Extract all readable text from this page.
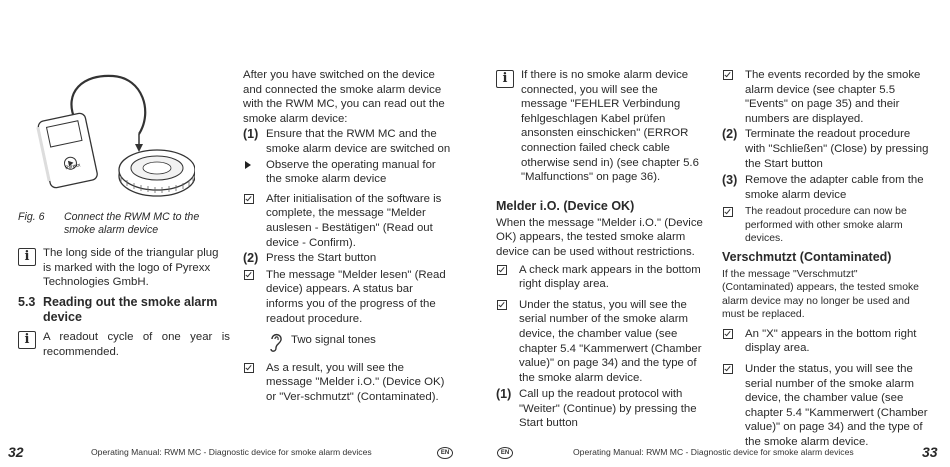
Pyrexx
Fig. 6	Connect the RWM MC to the smoke alarm device
i	The long side of the triangular plug is marked with the logo of Pyrexx Technologies GmbH.

5.3 Reading out the smoke alarm device
i	A readout cycle of one year is recommended.

After you have switched on the device and connected the smoke alarm device with the RWM MC, you can read out the smoke alarm device:

(1) Ensure that the RWM MC and the smoke alarm device are switched on
Observe the operating manual for the smoke alarm device
After initialisation of the software is complete, the message "Melder auslesen - Bestätigen" (Read out device - Confirm).
(2) Press the Start button
The message "Melder lesen" (Read device) appears. A status bar informs you of the progress of the readout procedure.
Two signal tones
As a result, you will see the message "Melder i.O." (Device OK) or "Ver-schmutzt" (Contaminated).
32	Operating Manual: RWM MC - Diagnostic device for smoke alarm devices	EN
i	If there is no smoke alarm device connected, you will see the message "FEHLER Verbindung fehlgeschlagen Kabel prüfen ansonsten einschicken" (ERROR connection failed check cable otherwise send in) (see chapter 5.6 "Malfunctions" on page 36).

Melder i.O. (Device OK)

When the message "Melder i.O." (Device OK) appears, the tested smoke alarm device can be used without restrictions.

A check mark appears in the bottom right display area.
Under the status, you will see the serial number of the smoke alarm device, the chamber value (see chapter 5.4 "Kammerwert (Chamber value)" on page 34) and the type of the smoke alarm device.
(1) Call up the readout protocol with "Weiter" (Continue) by pressing the Start button
The events recorded by the smoke alarm device (see chapter 5.5 "Events" on page 35) and their numbers are displayed.
(2) Terminate the readout procedure with "Schließen" (Close) by pressing the Start button
(3) Remove the adapter cable from the smoke alarm device
The readout procedure can now be performed with other smoke alarm devices.
Verschmutzt (Contaminated)

If the message "Verschmutzt" (Contaminated) appears, the tested smoke alarm device may no longer be used and must be replaced.

An "X" appears in the bottom right display area.
Under the status, you will see the serial number of the smoke alarm device, the chamber value (see chapter 5.4 "Kammerwert (Chamber value)" on page 34) and the type of the smoke alarm device.
EN	Operating Manual: RWM MC - Diagnostic device for smoke alarm devices	33
